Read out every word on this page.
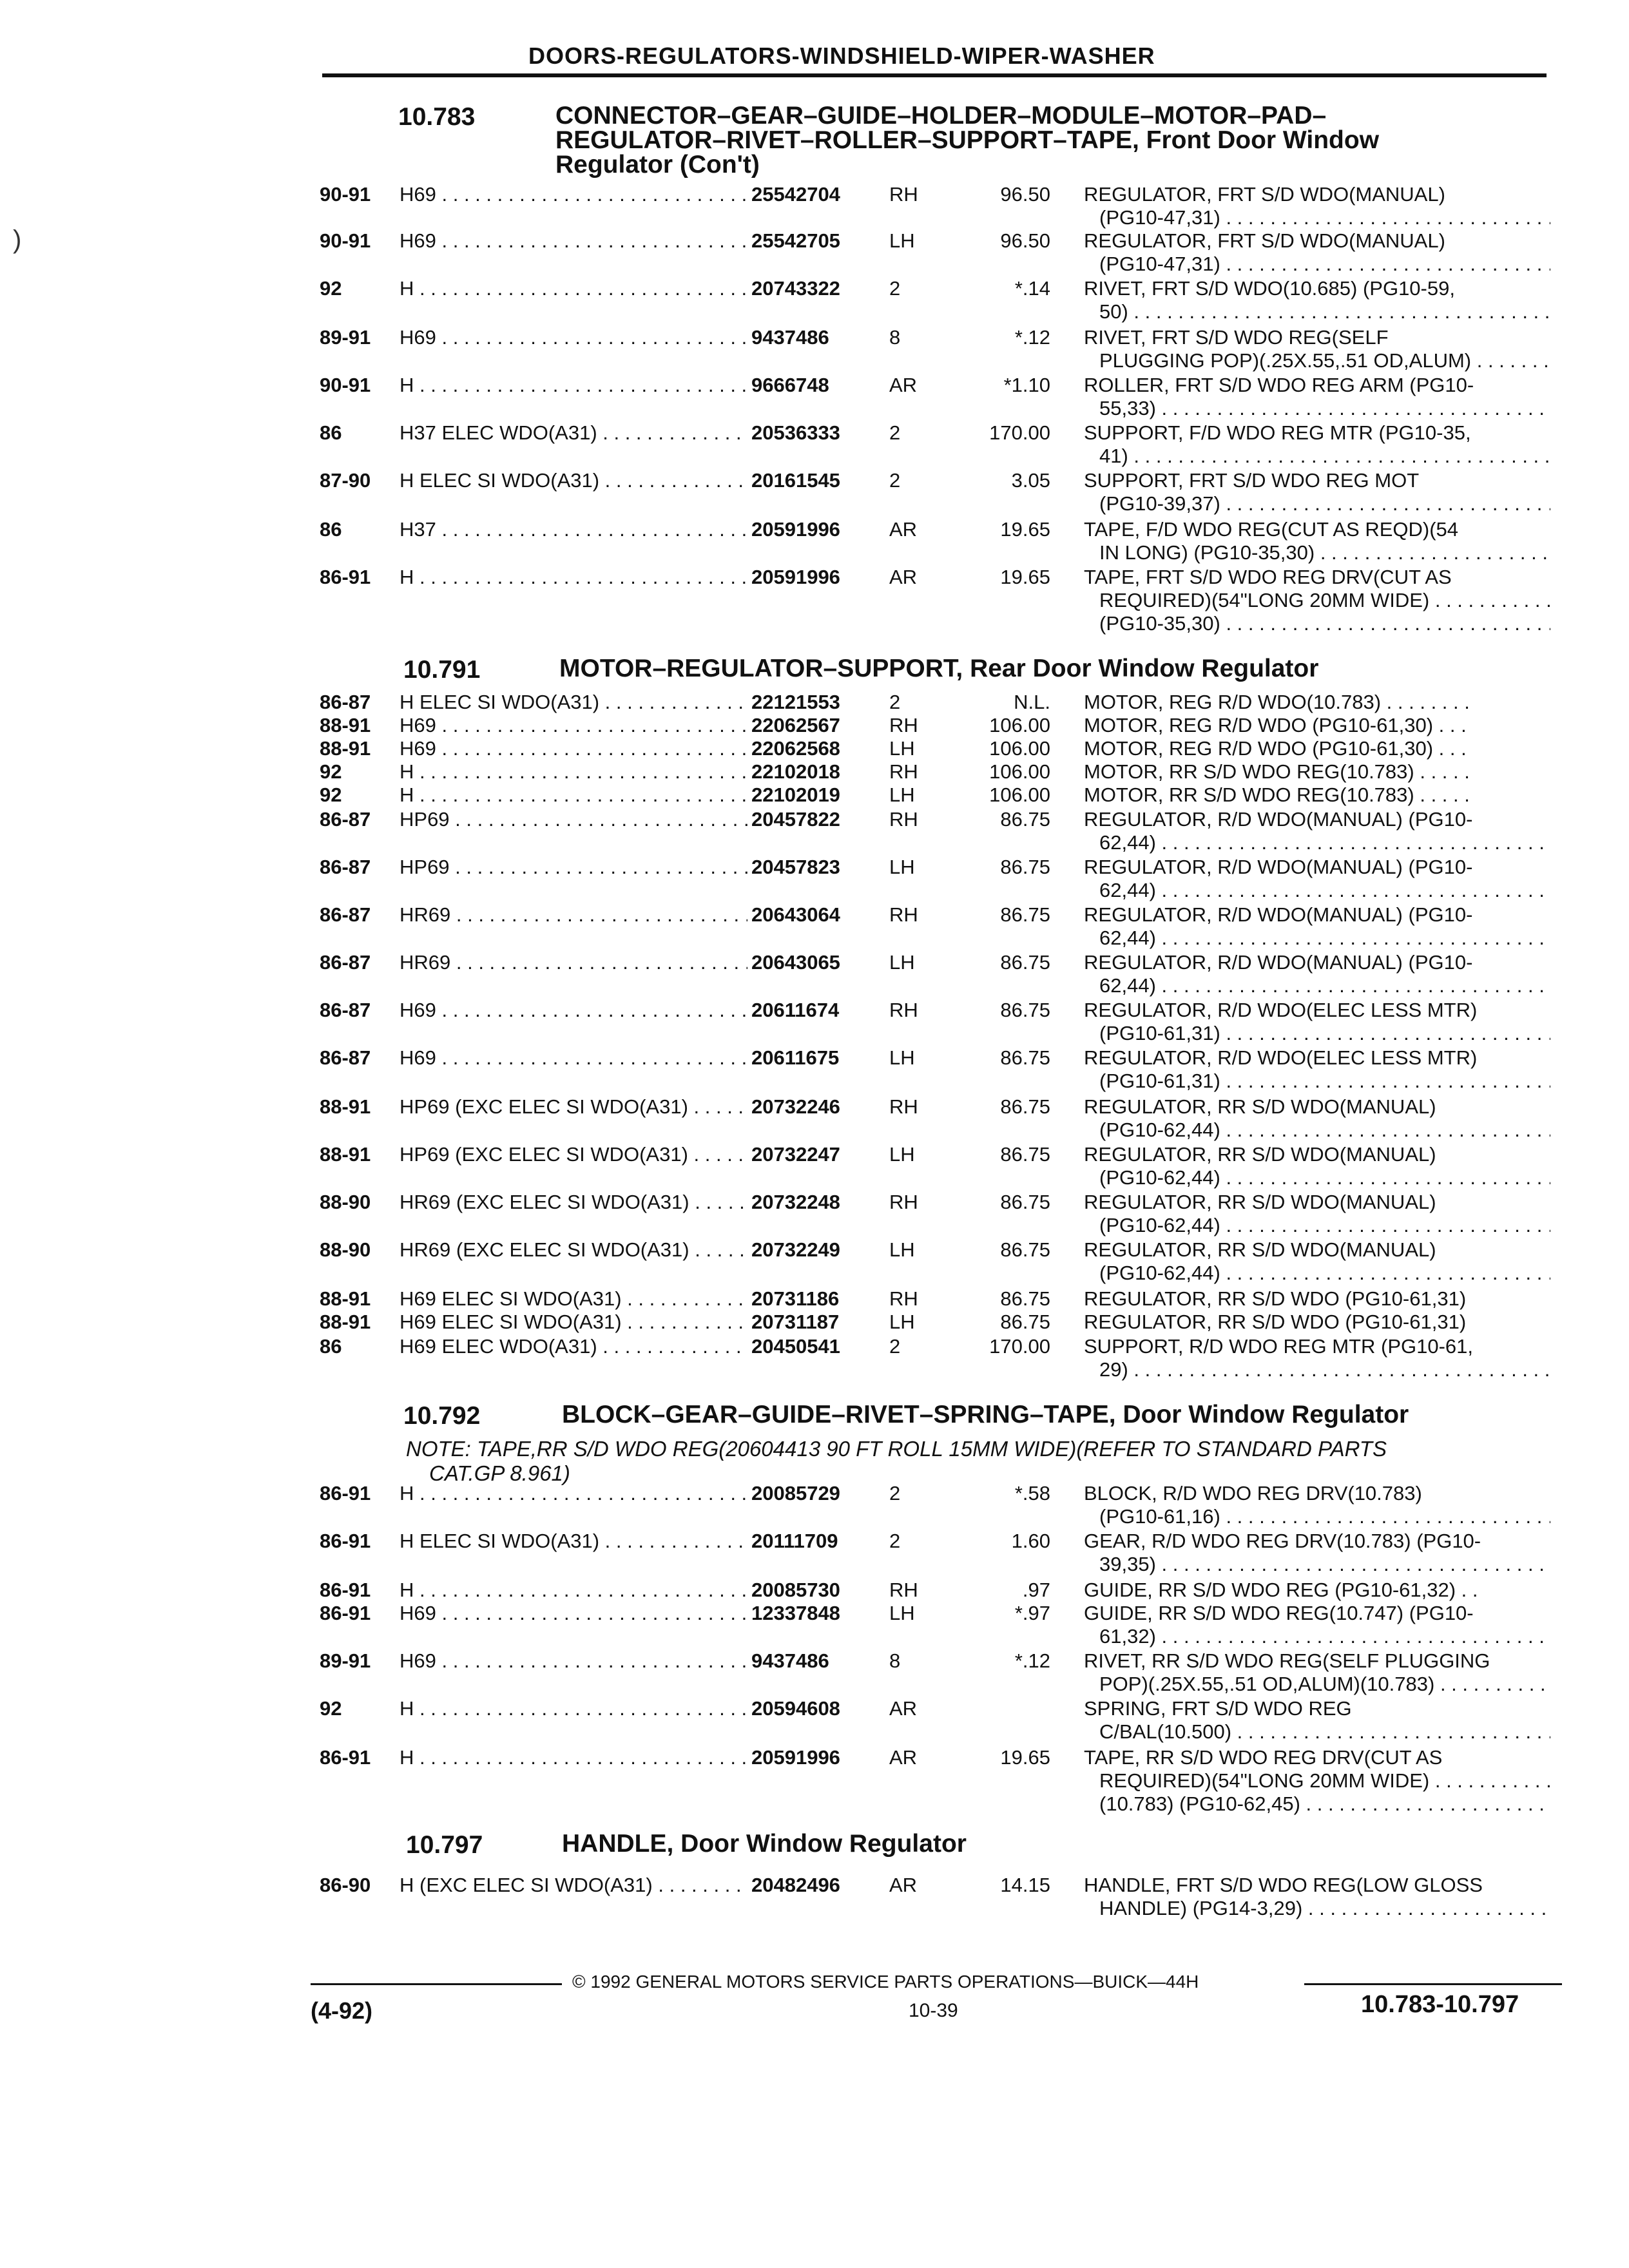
DOORS-REGULATORS-WINDSHIELD-WIPER-WASHER
)
10.783	CONNECTOR–GEAR–GUIDE–HOLDER–MODULE–MOTOR–PAD–
REGULATOR–RIVET–ROLLER–SUPPORT–TAPE, Front Door Window
Regulator (Con't)
10.791	MOTOR–REGULATOR–SUPPORT, Rear Door Window Regulator
10.792	BLOCK–GEAR–GUIDE–RIVET–SPRING–TAPE, Door Window Regulator
NOTE: TAPE,RR S/D WDO REG(20604413 90 FT ROLL 15MM WIDE)(REFER TO STANDARD PARTS
CAT.GP 8.961)
10.797	HANDLE, Door Window Regulator
90-91 H69 . . .	25542704 RH	96.50 REGULATOR, FRT S/D WDO(MANUAL)
(PG10-47,31) . . .
90-91 H69 . . .	25542705 LH	96.50 REGULATOR, FRT S/D WDO(MANUAL)
(PG10-47,31) . . .
92	H . . .	20743322 2	*.14 RIVET, FRT S/D WDO(10.685) (PG10-59,
50) . . .
89-91 H69 . . .	9437486	8	*.12 RIVET, FRT S/D WDO REG(SELF
PLUGGING POP)(.25X.55,.51 OD,ALUM) . . . .
90-91 H . . .	9666748	AR	*1.10 ROLLER, FRT S/D WDO REG ARM (PG10-
55,33) . . .
86	H37 ELEC WDO(A31) . . .	20536333 2	170.00 SUPPORT, F/D WDO REG MTR (PG10-35,
41) . . .
87-90 H ELEC SI WDO(A31) . . .	20161545 2	3.05 SUPPORT, FRT S/D WDO REG MOT
(PG10-39,37) . . .
86	H37 . . .	20591996 AR	19.65 TAPE, F/D WDO REG(CUT AS REQD)(54
IN LONG) (PG10-35,30) . . .
86-91 H . . .	20591996 AR	19.65 TAPE, FRT S/D WDO REG DRV(CUT AS
REQUIRED)(54"LONG 20MM WIDE) . . .
(PG10-35,30) . . .
86-87 H ELEC SI WDO(A31) . . .	22121553 2	N.L. MOTOR, REG R/D WDO(10.783) . . . . . . . .
88-91 H69 . . .	22062567 RH	106.00 MOTOR, REG R/D WDO (PG10-61,30) . . .
88-91 H69 . . .	22062568 LH	106.00 MOTOR, REG R/D WDO (PG10-61,30) . . .
92	H . . .	22102018 RH	106.00 MOTOR, RR S/D WDO REG(10.783) . . . . .
92	H . . .	22102019 LH	106.00 MOTOR, RR S/D WDO REG(10.783) . . . . .
86-87 HP69 . . .	20457822 RH	86.75 REGULATOR, R/D WDO(MANUAL) (PG10-
62,44) . . .
86-87 HP69 . . .	20457823 LH	86.75 REGULATOR, R/D WDO(MANUAL) (PG10-
62,44) . . .
86-87 HR69 . . .	20643064 RH	86.75 REGULATOR, R/D WDO(MANUAL) (PG10-
62,44) . . .
86-87 HR69 . . .	20643065 LH	86.75 REGULATOR, R/D WDO(MANUAL) (PG10-
62,44) . . .
86-87 H69 . . .	20611674	RH	86.75 REGULATOR, R/D WDO(ELEC LESS MTR)
(PG10-61,31) . . .
86-87 H69 . . .	20611675	LH	86.75 REGULATOR, R/D WDO(ELEC LESS MTR)
(PG10-61,31) . . .
88-91 HP69 (EXC ELEC SI WDO(A31) . . .	20732246 RH	86.75 REGULATOR, RR S/D WDO(MANUAL)
(PG10-62,44) . . .
88-91 HP69 (EXC ELEC SI WDO(A31) . . .	20732247 LH	86.75 REGULATOR, RR S/D WDO(MANUAL)
(PG10-62,44) . . .
88-90 HR69 (EXC ELEC SI WDO(A31) . . .	20732248 RH	86.75 REGULATOR, RR S/D WDO(MANUAL)
(PG10-62,44) . . .
88-90 HR69 (EXC ELEC SI WDO(A31) . . .	20732249 LH	86.75 REGULATOR, RR S/D WDO(MANUAL)
(PG10-62,44) . . .
88-91 H69 ELEC SI WDO(A31) . . .	20731186	RH	86.75 REGULATOR, RR S/D WDO (PG10-61,31)
88-91 H69 ELEC SI WDO(A31) . . .	20731187	LH	86.75 REGULATOR, RR S/D WDO (PG10-61,31)
86	H69 ELEC WDO(A31) . . .	20450541 2	170.00 SUPPORT, R/D WDO REG MTR (PG10-61,
29) . . .
86-91 H . . .	20085729 2	*.58 BLOCK, R/D WDO REG DRV(10.783)
(PG10-61,16) . . .
86-91 H ELEC SI WDO(A31) . . .	20111709	2	1.60 GEAR, R/D WDO REG DRV(10.783) (PG10-
39,35) . . .
86-91 H . . .	20085730 RH	.97 GUIDE, RR S/D WDO REG (PG10-61,32) . .
86-91 H69 . . .	12337848 LH	*.97 GUIDE, RR S/D WDO REG(10.747) (PG10-
61,32) . . .
89-91 H69 . . .	9437486	8	*.12 RIVET, RR S/D WDO REG(SELF PLUGGING
POP)(.25X.55,.51 OD,ALUM)(10.783) . . . . . .
92	H . . .	20594608 AR	SPRING, FRT S/D WDO REG
C/BAL(10.500) . . .
86-91 H . . .	20591996 AR	19.65 TAPE, RR S/D WDO REG DRV(CUT AS
REQUIRED)(54"LONG 20MM WIDE) . . .
(10.783) (PG10-62,45) . . .
86-90 H (EXC ELEC SI WDO(A31) . . .	20482496 AR	14.15 HANDLE, FRT S/D WDO REG(LOW GLOSS
HANDLE) (PG14-3,29) . . .
© 1992 GENERAL MOTORS SERVICE PARTS OPERATIONS—BUICK—44H
(4-92)	10-39	10.783-10.797
